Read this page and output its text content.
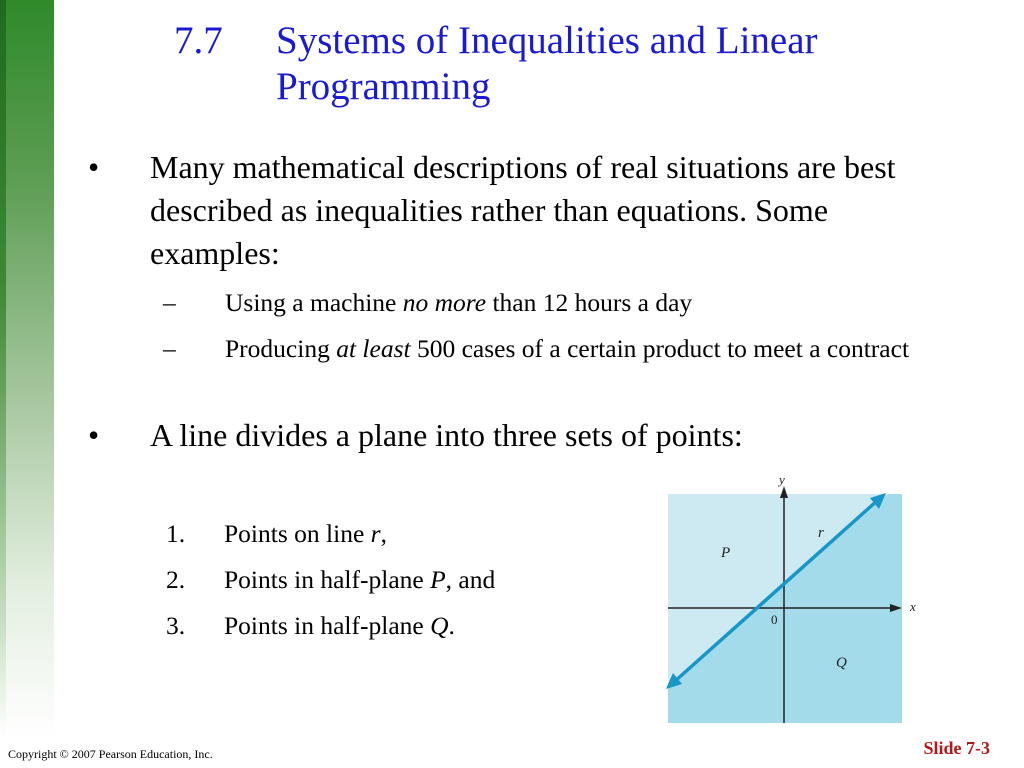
7.7 Systems of Inequalities and Linear Programming
• Many mathematical descriptions of real situations are best described as inequalities rather than equations. Some examples:
– Using a machine no more than 12 hours a day
– Producing at least 500 cases of a certain product to meet a contract
• A line divides a plane into three sets of points:
1. Points on line r,
2. Points in half-plane P, and
3. Points in half-plane Q.
y
x
0
r
P
Q
Copyright © 2007 Pearson Education, Inc.	Slide 7-3
